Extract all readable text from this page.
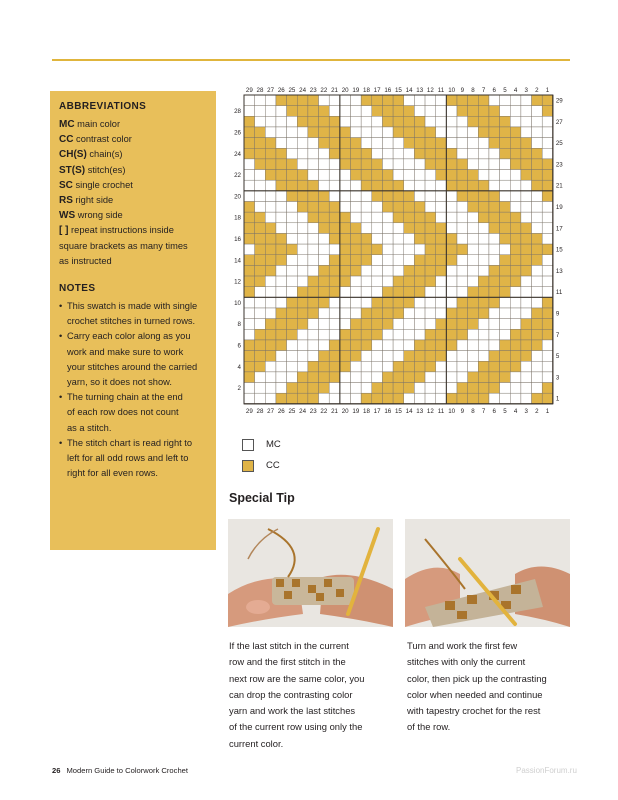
ABBREVIATIONS
MC main color
CC contrast color
CH(S) chain(s)
ST(S) stitch(es)
SC single crochet
RS right side
WS wrong side
[ ] repeat instructions inside
square brackets as many times
as instructed
NOTES
• This swatch is made with single
crochet stitches in turned rows.
• Carry each color along as you
work and make sure to work
your stitches around the carried
yarn, so it does not show.
• The turning chain at the end
of each row does not count
as a stitch.
• The stitch chart is read right to
left for all odd rows and left to
right for all even rows.
29
29
28
28
27
27
26
26
25
25
24
24
23
23
22
22
21
21
20
20
19
19
18
18
17
17
16
16
15
15
14
14
13
13
12
12
11
11
10
10
9
9
8
8
7
7
6
6
5
5
4
4
3
3
2
2
1
1
28
26
24
22
20
18
16
14
12
10
8
6
4
2
29
27
25
23
21
19
17
15
13
11
9
7
5
3
1
MC
CC
Special Tip
If the last stitch in the current
row and the first stitch in the
next row are the same color, you
can drop the contrasting color
yarn and work the last stitches
of the current row using only the
current color.
Turn and work the first few
stitches with only the current
color, then pick up the contrasting
color when needed and continue
with tapestry crochet for the rest
of the row.
26 Modern Guide to Colorwork Crochet	PassionForum.ru
